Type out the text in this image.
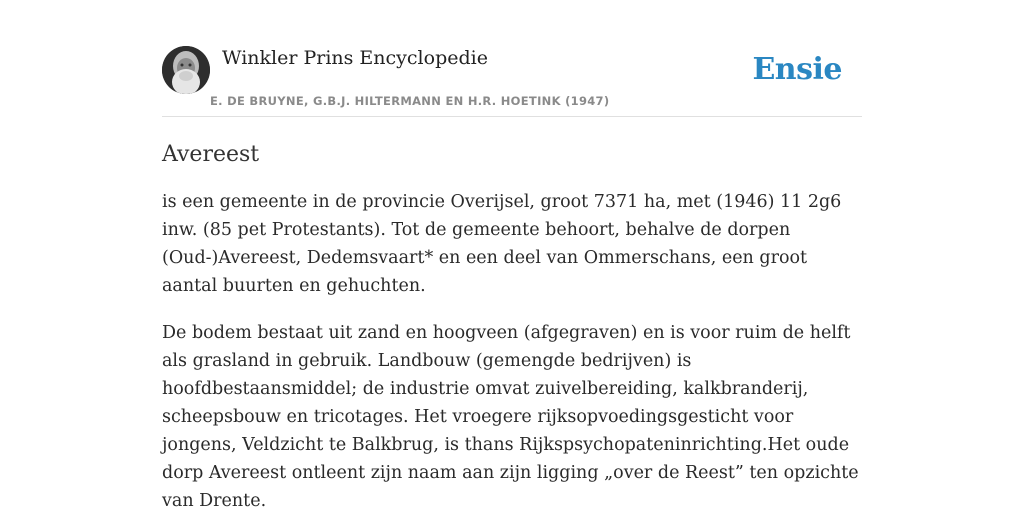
Winkler Prins Encyclopedie
E. DE BRUYNE, G.B.J. HILTERMANN EN H.R. HOETINK (1947)
Ensie
Avereest

is een gemeente in de provincie Overijsel, groot 7371 ha, met (1946) 11 2g6 inw. (85 pet Protestants). Tot de gemeente behoort, behalve de dorpen (Oud-)Avereest, Dedemsvaart* en een deel van Ommerschans, een groot aantal buurten en gehuchten.

De bodem bestaat uit zand en hoogveen (afgegraven) en is voor ruim de helft als grasland in gebruik. Landbouw (gemengde bedrijven) is hoofdbestaansmiddel; de industrie omvat zuivelbereiding, kalkbranderij, scheepsbouw en tricotages. Het vroegere rijksopvoedingsgesticht voor jongens, Veldzicht te Balkbrug, is thans Rijkspsychopateninrichting.Het oude dorp Avereest ontleent zijn naam aan zijn ligging „over de Reest” ten opzichte van Drente.
